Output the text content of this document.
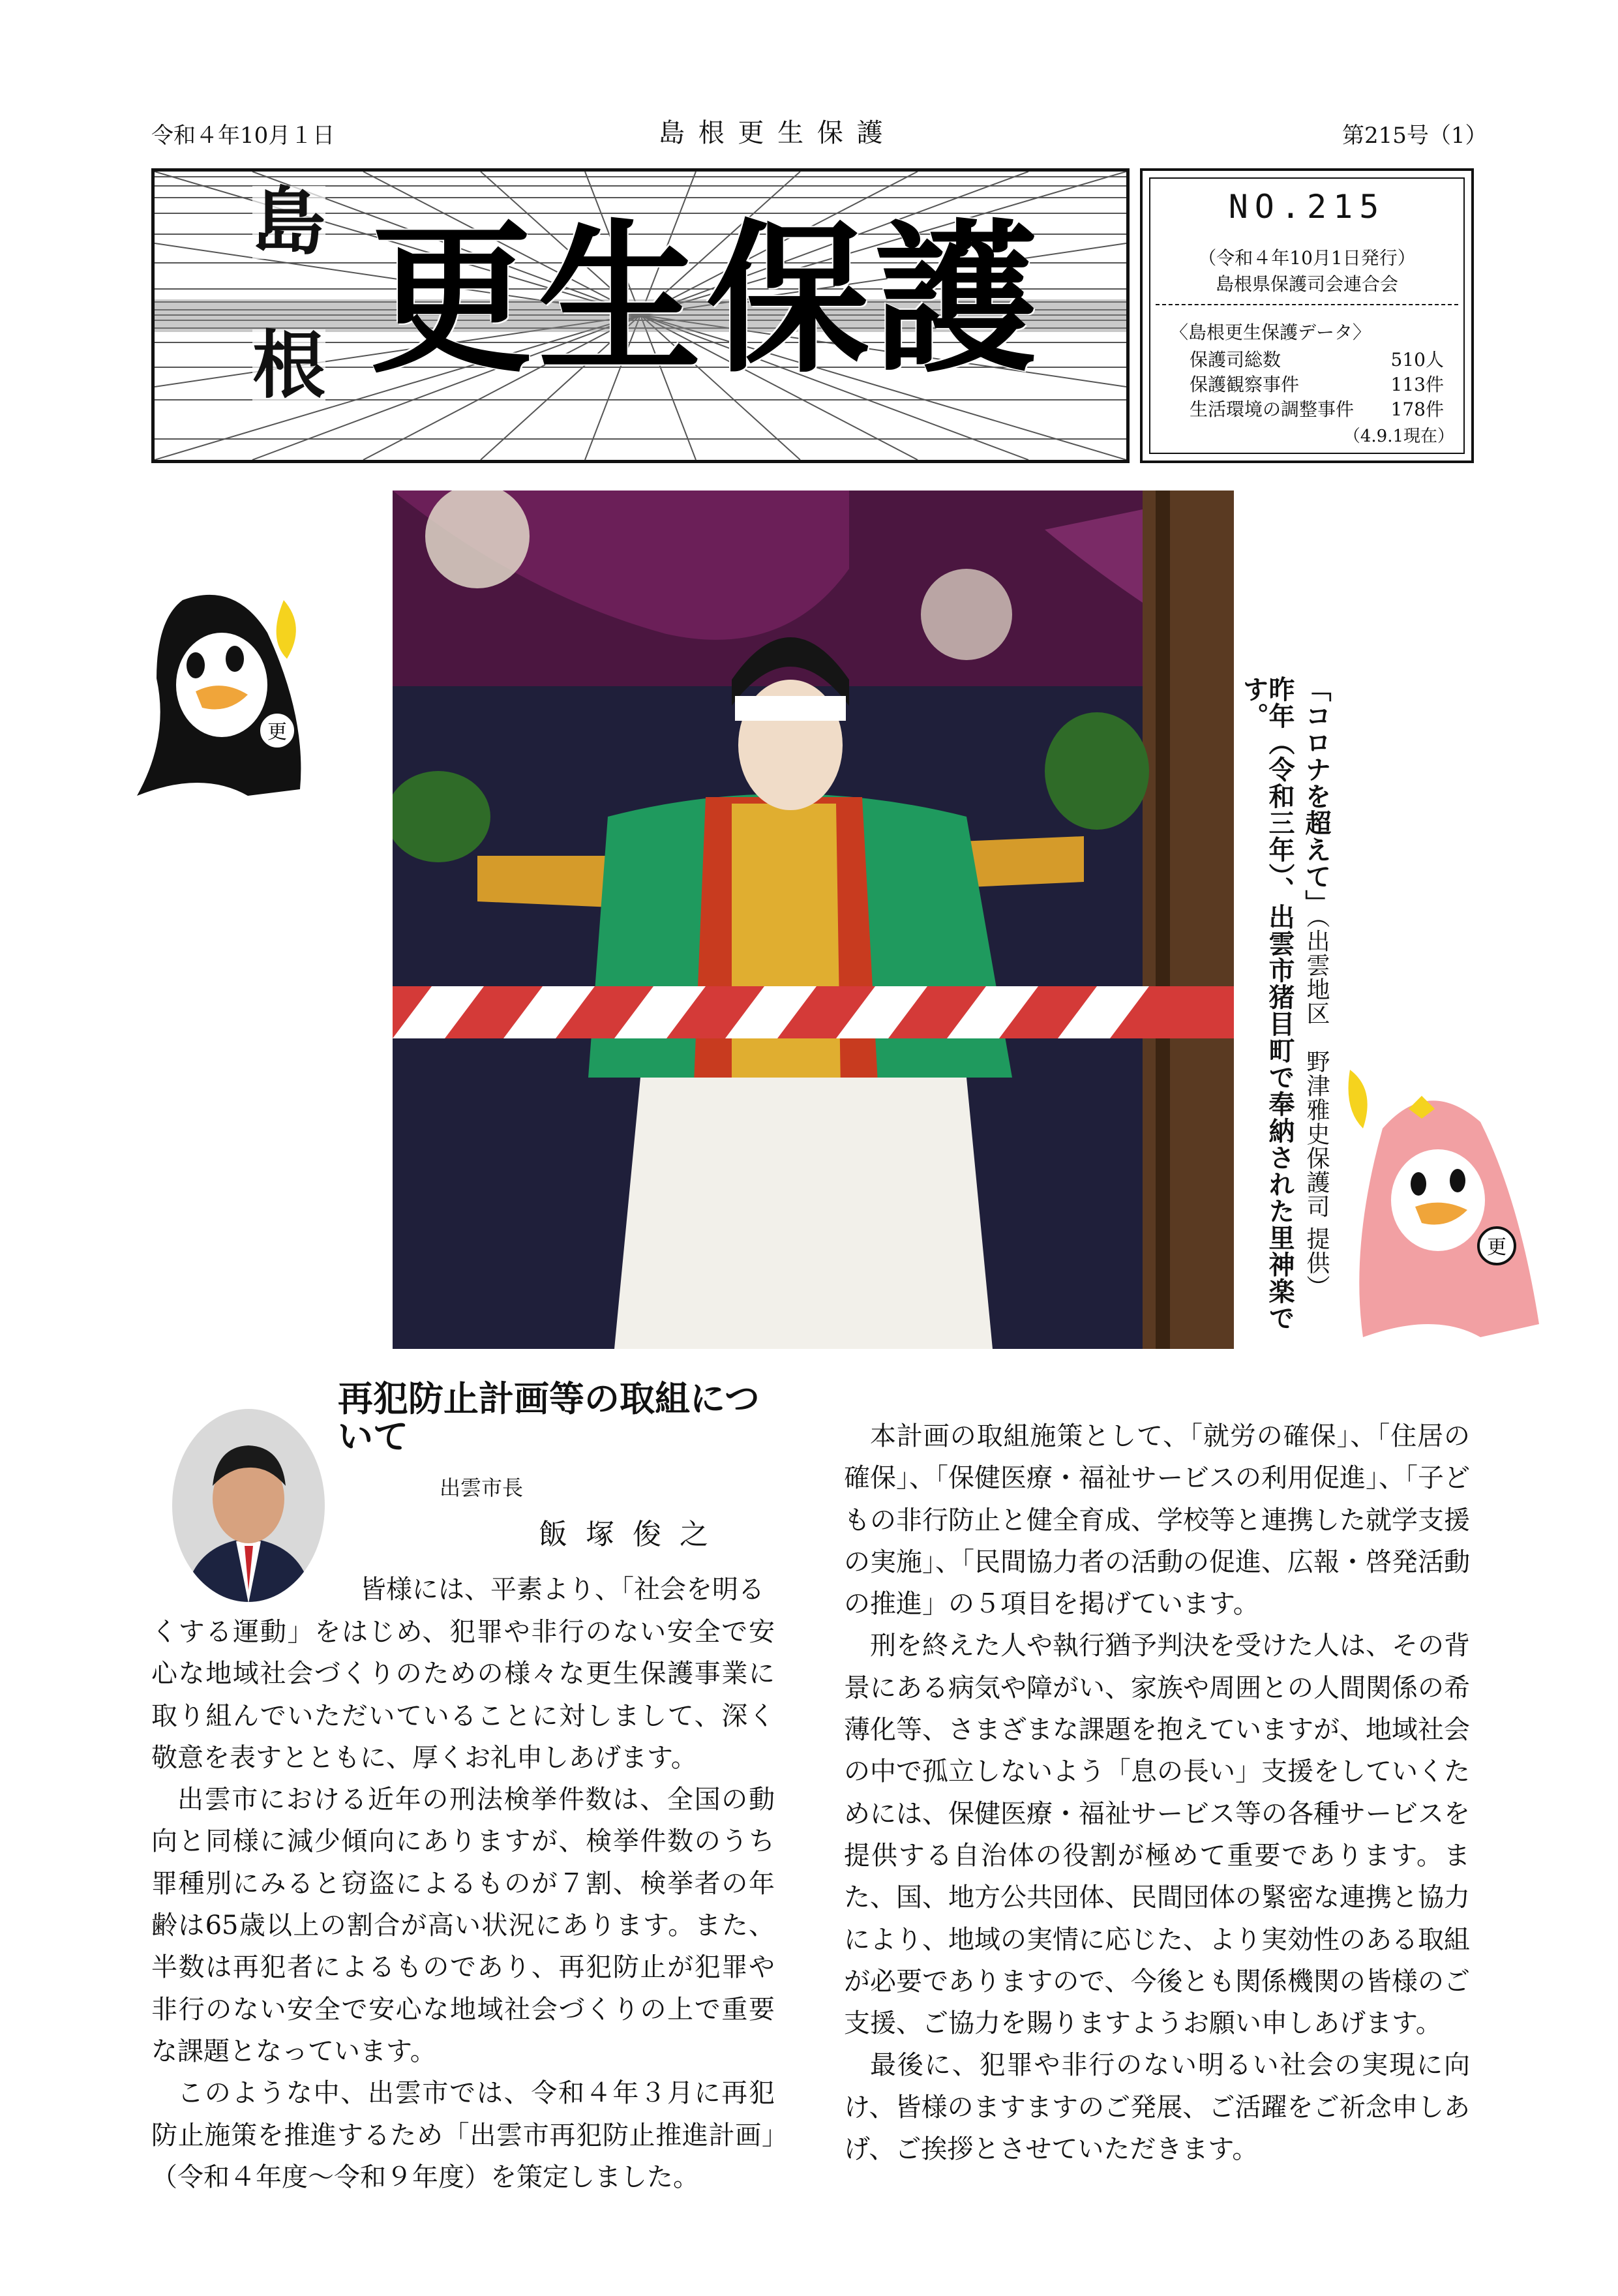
令和４年10月１日	島 根 更 生 保 護	第215号（1）
島
根 更生保護	NO.215
（令和４年10月1日発行）
島根県保護司会連合会
〈島根更生保護データ〉
保護司総数	510人
保護観察事件	113件
生活環境の調整事件 178件
（4.9.1現在）
「コロナを超えて」（出雲地区　野津雅史保護司 提供）
昨年（令和三年）、出雲市猪目町で奉納された里神楽です。
更
更
再犯防止計画等の取組について
出雲市長
飯塚俊之
皆様には、平素より、「社会を明る

くする運動」をはじめ、犯罪や非行のない安全で安心な地域社会づくりのための様々な更生保護事業に取り組んでいただいていることに対しまして、深く敬意を表すとともに、厚くお礼申しあげます。

出雲市における近年の刑法検挙件数は、全国の動向と同様に減少傾向にありますが、検挙件数のうち罪種別にみると窃盗によるものが７割、検挙者の年齢は65歳以上の割合が高い状況にあります。また、半数は再犯者によるものであり、再犯防止が犯罪や非行のない安全で安心な地域社会づくりの上で重要な課題となっています。

このような中、出雲市では、令和４年３月に再犯防止施策を推進するため「出雲市再犯防止推進計画」（令和４年度～令和９年度）を策定しました。

本計画の取組施策として、「就労の確保」、「住居の確保」、「保健医療・福祉サービスの利用促進」、「子どもの非行防止と健全育成、学校等と連携した就学支援の実施」、「民間協力者の活動の促進、広報・啓発活動の推進」の５項目を掲げています。

刑を終えた人や執行猶予判決を受けた人は、その背景にある病気や障がい、家族や周囲との人間関係の希薄化等、さまざまな課題を抱えていますが、地域社会の中で孤立しないよう「息の長い」支援をしていくためには、保健医療・福祉サービス等の各種サービスを提供する自治体の役割が極めて重要であります。また、国、地方公共団体、民間団体の緊密な連携と協力により、地域の実情に応じた、より実効性のある取組が必要でありますので、今後とも関係機関の皆様のご支援、ご協力を賜りますようお願い申しあげます。

最後に、犯罪や非行のない明るい社会の実現に向け、皆様のますますのご発展、ご活躍をご祈念申しあげ、ご挨拶とさせていただきます。
